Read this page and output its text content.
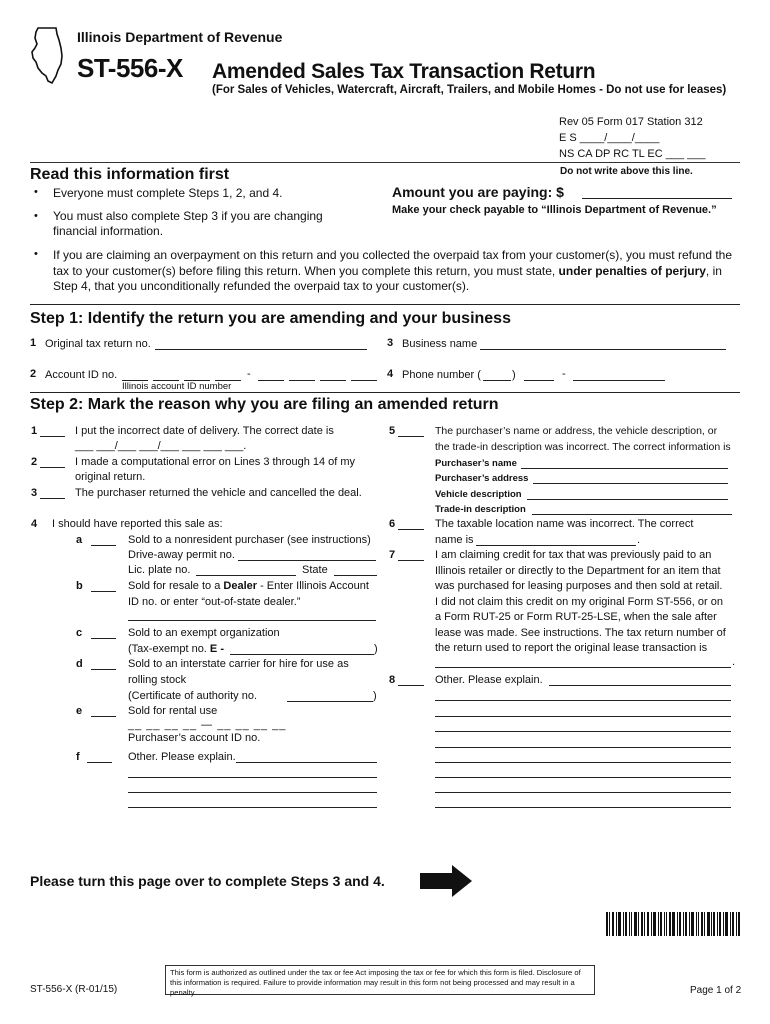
Illinois Department of Revenue
ST-556-X Amended Sales Tax Transaction Return
(For Sales of Vehicles, Watercraft, Aircraft, Trailers, and Mobile Homes - Do not use for leases)
Rev 05 Form 017 Station 312
E S ____/____/____
NS CA DP RC TL EC ___ ___
Do not write above this line.
Read this information first
• Everyone must complete Steps 1, 2, and 4.
• You must also complete Step 3 if you are changing financial information.
Amount you are paying: $
Make your check payable to “Illinois Department of Revenue.”
• If you are claiming an overpayment on this return and you collected the overpaid tax from your customer(s), you must refund the tax to your customer(s) before filing this return. When you complete this return, you must state, under penalties of perjury, in Step 4, that you unconditionally refunded the overpaid tax to your customer(s).
Step 1: Identify the return you are amending and your business
1 Original tax return no.	3 Business name
2 Account ID no.	-
Illinois account ID number
4 Phone number (	)	-
Step 2: Mark the reason why you are filing an amended return
1	I put the incorrect date of delivery. The correct date is
___ ___/___ ___/___ ___ ___ ___.
2	I made a computational error on Lines 3 through 14 of my
original return.
3	The purchaser returned the vehicle and cancelled the deal.
4 I should have reported this sale as:
a	Sold to a nonresident purchaser (see instructions)
Drive-away permit no.
Lic. plate no.	State
b	Sold for resale to a Dealer - Enter Illinois Account
ID no. or enter “out-of-state dealer.”
c	Sold to an exempt organization
(Tax-exempt no. E -	)
d	Sold to an interstate carrier for hire for use as
rolling stock
(Certificate of authority no.	)
e	Sold for rental use
__ __ __ __ — __ __ __ __
Purchaser’s account ID no.
f	Other. Please explain.
5	The purchaser’s name or address, the vehicle description, or
the trade-in description was incorrect. The correct information is
Purchaser’s name
Purchaser’s address
Vehicle description
Trade-in description
6	The taxable location name was incorrect. The correct
name is	.
7	I am claiming credit for tax that was previously paid to an
Illinois retailer or directly to the Department for an item that
was purchased for leasing purposes and then sold at retail.
I did not claim this credit on my original Form ST-556, or on
a Form RUT-25 or Form RUT-25-LSE, when the sale after
lease was made. See instructions. The tax return number of
the return used to report the original lease transaction is
.
8	Other. Please explain.
Please turn this page over to complete Steps 3 and 4.
This form is authorized as outlined under the tax or fee Act imposing the tax or fee for which this form is filed. Disclosure of this information is required. Failure to provide information may result in this form not being processed and may result in a penalty.
ST-556-X (R-01/15)	Page 1 of 2
